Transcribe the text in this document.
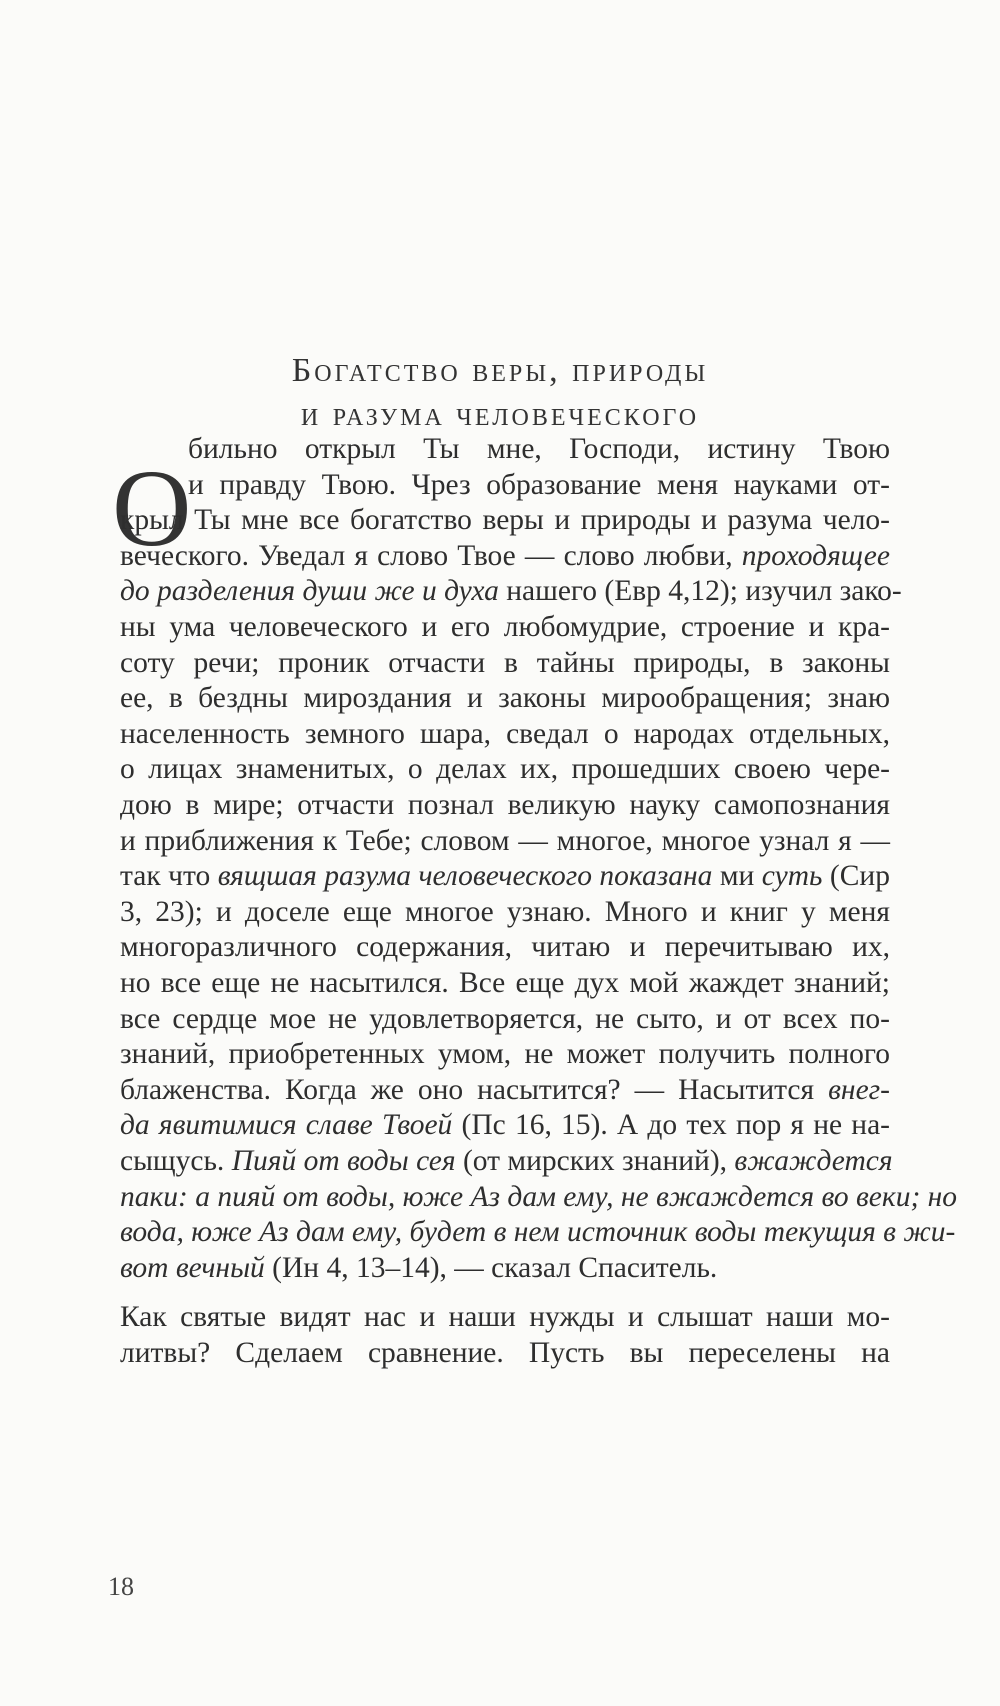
Богатство веры, природы
и разума человеческого
О
бильно открыл Ты мне, Господи, истину Твою
и правду Твою. Чрез образование меня науками от-
крыл Ты мне все богатство веры и природы и разума чело-
веческого. Уведал я слово Твое — слово любви, проходящее
до разделения души же и духа нашего (Евр 4,12); изучил зако-
ны ума человеческого и его любомудрие, строение и кра-
соту речи; проник отчасти в тайны природы, в законы
ее, в бездны мироздания и законы мирообращения; знаю
населенность земного шара, сведал о народах отдельных,
о лицах знаменитых, о делах их, прошедших своею чере-
дою в мире; отчасти познал великую науку самопознания
и приближения к Тебе; словом — многое, многое узнал я —
так что вящшая разума человеческого показана ми суть (Сир
3, 23); и доселе еще многое узнаю. Много и книг у меня
многоразличного содержания, читаю и перечитываю их,
но все еще не насытился. Все еще дух мой жаждет знаний;
все сердце мое не удовлетворяется, не сыто, и от всех по-
знаний, приобретенных умом, не может получить полного
блаженства. Когда же оно насытится? — Насытится внег-
да явитимися славе Твоей (Пс 16, 15). А до тех пор я не на-
сыщусь. Пияй от воды сея (от мирских знаний), вжаждется
паки: а пияй от воды, юже Аз дам ему, не вжаждется во веки; но
вода, юже Аз дам ему, будет в нем источник воды текущия в жи-
вот вечный (Ин 4, 13–14), — сказал Спаситель.
Как святые видят нас и наши нужды и слышат наши мо-
литвы? Сделаем сравнение. Пусть вы переселены на
18
